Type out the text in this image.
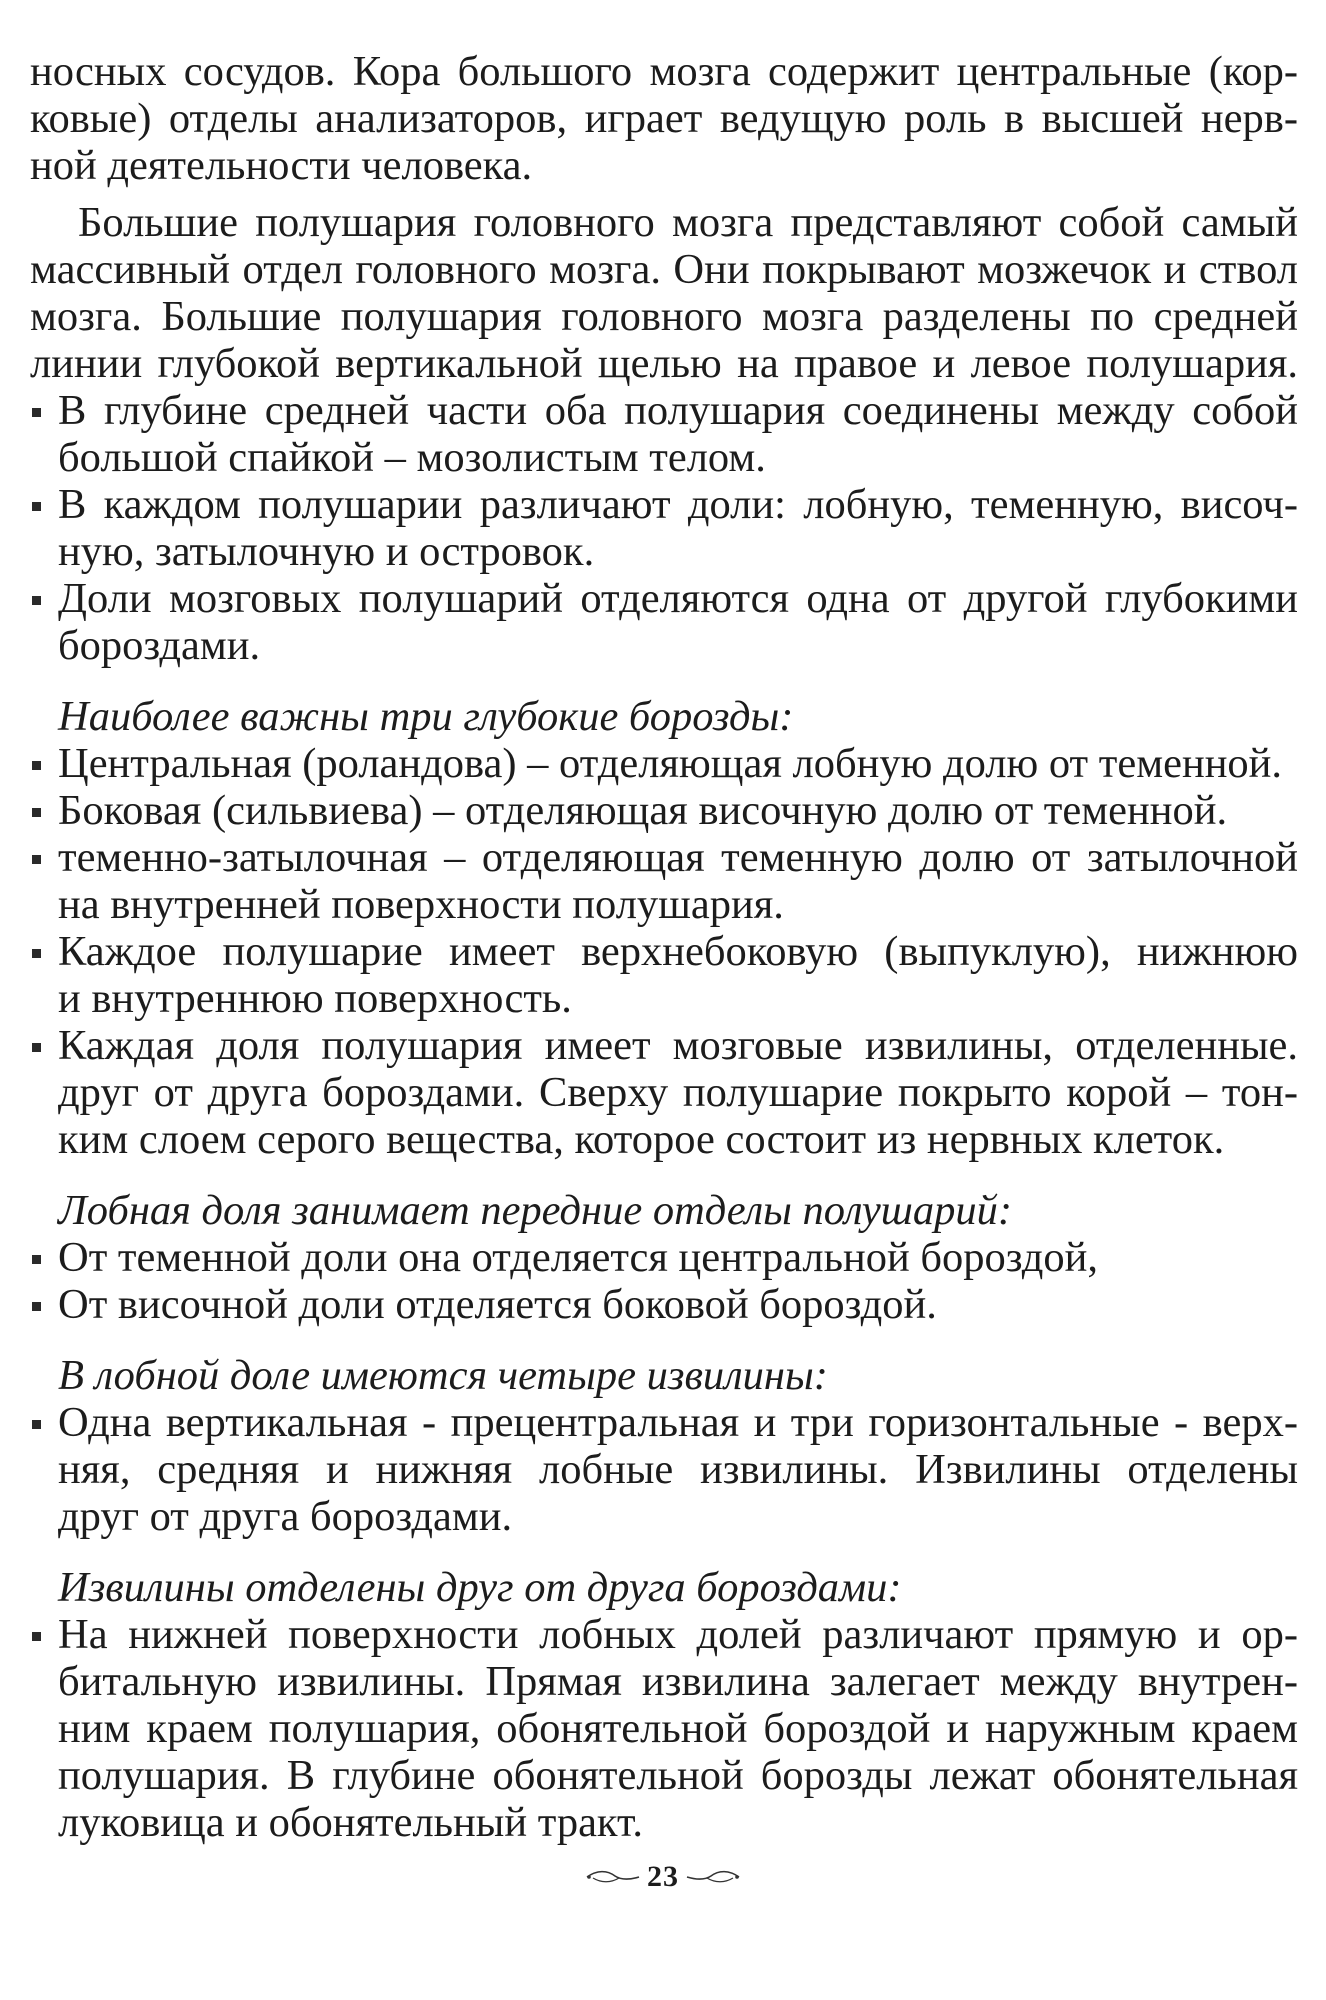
носных сосудов. Кора большого мозга содержит центральные (кор-
ковые) отделы анализаторов, играет ведущую роль в высшей нерв-
ной деятельности человека.
Большие полушария головного мозга представляют собой самый
массивный отдел головного мозга. Они покрывают мозжечок и ствол
мозга. Большие полушария головного мозга разделены по средней
линии глубокой вертикальной щелью на правое и левое полушария.
В глубине средней части оба полушария соединены между собой
большой спайкой – мозолистым телом.
В каждом полушарии различают доли: лобную, теменную, височ-
ную, затылочную и островок.
Доли мозговых полушарий отделяются одна от другой глубокими
бороздами.
Наиболее важны три глубокие борозды:
Центральная (роландова) – отделяющая лобную долю от теменной.
Боковая (сильвиева) – отделяющая височную долю от теменной.
теменно-затылочная – отделяющая теменную долю от затылочной
на внутренней поверхности полушария.
Каждое полушарие имеет верхнебоковую (выпуклую), нижнюю
и внутреннюю поверхность.
Каждая доля полушария имеет мозговые извилины, отделенные.
друг от друга бороздами. Сверху полушарие покрыто корой – тон-
ким слоем серого вещества, которое состоит из нервных клеток.
Лобная доля занимает передние отделы полушарий:
От теменной доли она отделяется центральной бороздой,
От височной доли отделяется боковой бороздой.
В лобной доле имеются четыре извилины:
Одна вертикальная - прецентральная и три горизонтальные - верх-
няя, средняя и нижняя лобные извилины. Извилины отделены
друг от друга бороздами.
Извилины отделены друг от друга бороздами:
На нижней поверхности лобных долей различают прямую и ор-
битальную извилины. Прямая извилина залегает между внутрен-
ним краем полушария, обонятельной бороздой и наружным краем
полушария. В глубине обонятельной борозды лежат обонятельная
луковица и обонятельный тракт.
23
